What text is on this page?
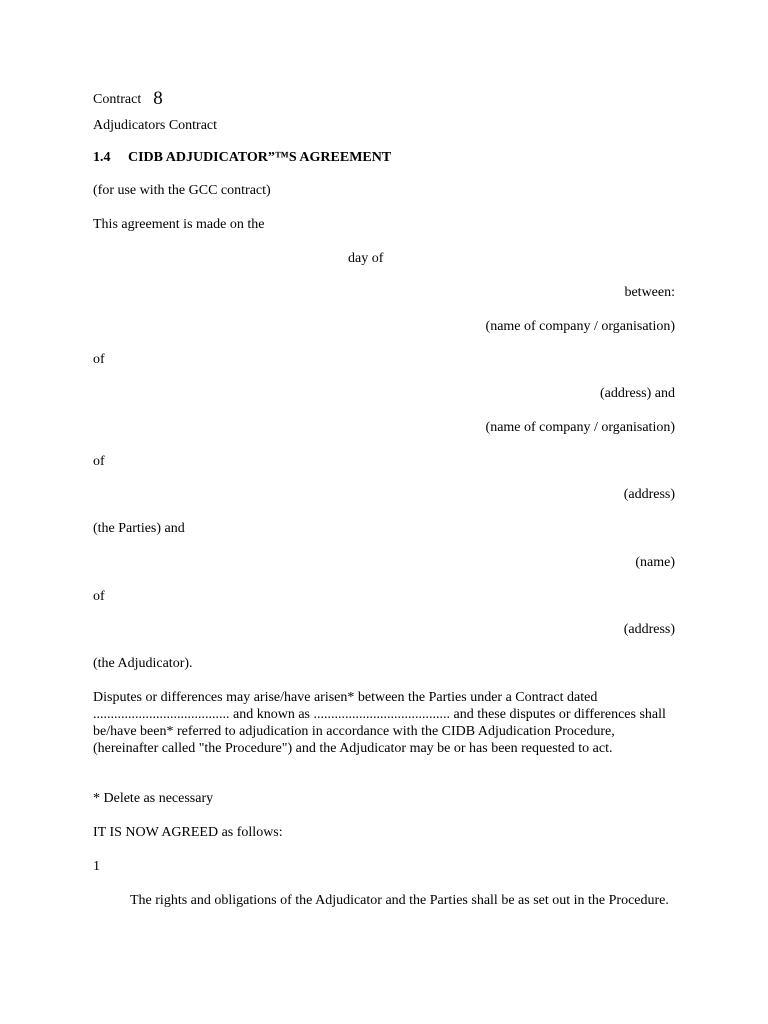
Contract 8
Adjudicators Contract
1.4 CIDB ADJUDICATOR”™S AGREEMENT
(for use with the GCC contract)
This agreement is made on the
day of
between:
(name of company / organisation)
of
(address) and
(name of company / organisation)
of
(address)
(the Parties) and
(name)
of
(address)
(the Adjudicator).
Disputes or differences may arise/have arisen* between the Parties under a Contract dated ....................................... and known as ....................................... and these disputes or differences shall be/have been* referred to adjudication in accordance with the CIDB Adjudication Procedure, (hereinafter called "the Procedure") and the Adjudicator may be or has been requested to act.
* Delete as necessary
IT IS NOW AGREED as follows:
1
The rights and obligations of the Adjudicator and the Parties shall be as set out in the Procedure.
